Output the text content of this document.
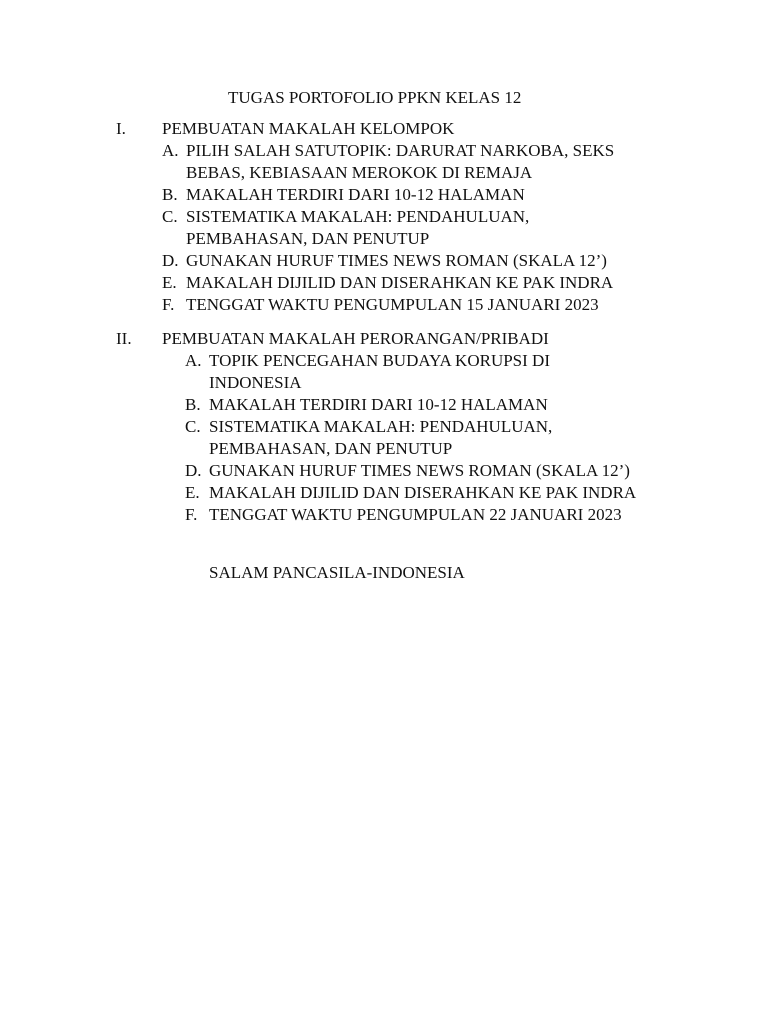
TUGAS PORTOFOLIO PPKN KELAS 12
I. PEMBUATAN MAKALAH KELOMPOK
A. PILIH SALAH SATUTOPIK: DARURAT NARKOBA, SEKS BEBAS, KEBIASAAN MEROKOK DI REMAJA
B. MAKALAH TERDIRI DARI 10-12 HALAMAN
C. SISTEMATIKA MAKALAH: PENDAHULUAN, PEMBAHASAN, DAN PENUTUP
D. GUNAKAN HURUF TIMES NEWS ROMAN (SKALA 12’)
E. MAKALAH DIJILID DAN DISERAHKAN KE PAK INDRA
F. TENGGAT WAKTU PENGUMPULAN 15 JANUARI 2023
II. PEMBUATAN MAKALAH PERORANGAN/PRIBADI
A. TOPIK PENCEGAHAN BUDAYA KORUPSI DI INDONESIA
B. MAKALAH TERDIRI DARI 10-12 HALAMAN
C. SISTEMATIKA MAKALAH: PENDAHULUAN, PEMBAHASAN, DAN PENUTUP
D. GUNAKAN HURUF TIMES NEWS ROMAN (SKALA 12’)
E. MAKALAH DIJILID DAN DISERAHKAN KE PAK INDRA
F. TENGGAT WAKTU PENGUMPULAN 22 JANUARI 2023
SALAM PANCASILA-INDONESIA
